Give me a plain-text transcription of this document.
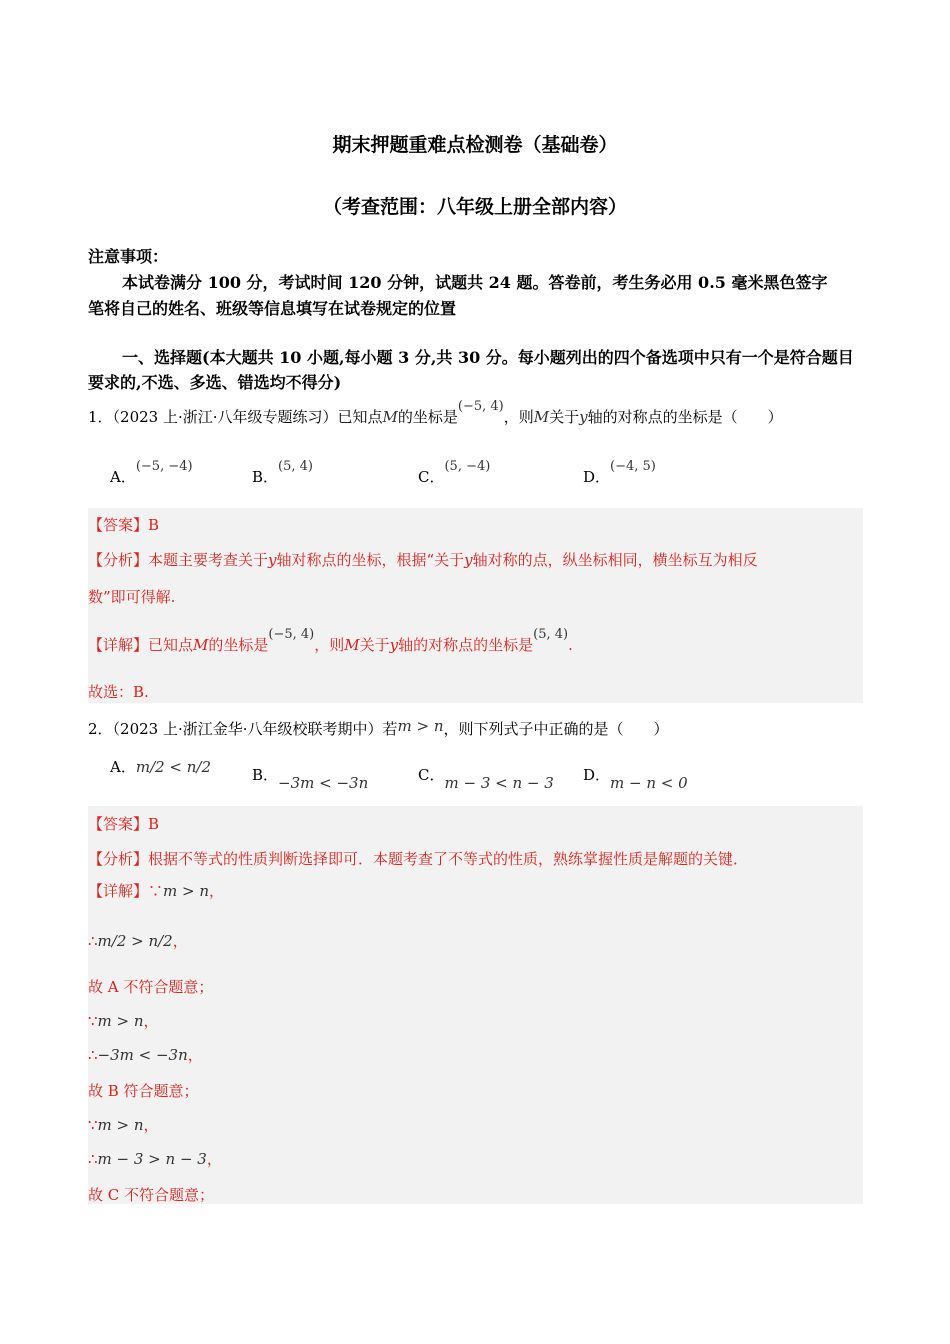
期末押题重难点检测卷（基础卷）
（考查范围：八年级上册全部内容）
注意事项：
本试卷满分 100 分，考试时间 120 分钟，试题共 24 题。答卷前，考生务必用 0.5 毫米黑色签字
笔将自己的姓名、班级等信息填写在试卷规定的位置
一、选择题(本大题共 10 小题,每小题 3 分,共 30 分。每小题列出的四个备选项中只有一个是符合题目
要求的,不选、多选、错选均不得分)
1．（2023 上·浙江·八年级专题练习）已知点M的坐标是(−5, 4)，则M关于y轴的对称点的坐标是（　　）
A．(−5, −4)
B．(5, 4)
C．(5, −4)
D．(−4, 5)
【答案】B
【分析】本题主要考查关于y轴对称点的坐标，根据“关于y轴对称的点，纵坐标相同，横坐标互为相反
数”即可得解.
【详解】已知点M的坐标是(−5, 4)，则M关于y轴的对称点的坐标是(5, 4).
故选：B.
2．（2023 上·浙江金华·八年级校联考期中）若m > n，则下列式子中正确的是（　　）
A．m/2 < n/2	B．−3m < −3n	C．m − 3 < n − 3 D．m − n < 0
【答案】B
【分析】根据不等式的性质判断选择即可．本题考查了不等式的性质，熟练掌握性质是解题的关键．
【详解】∵m > n，
∴m/2 > n/2，
故 A 不符合题意；
∵m > n，
∴−3m < −3n，
故 B 符合题意；
∵m > n，
∴m − 3 > n − 3，
故 C 不符合题意；
